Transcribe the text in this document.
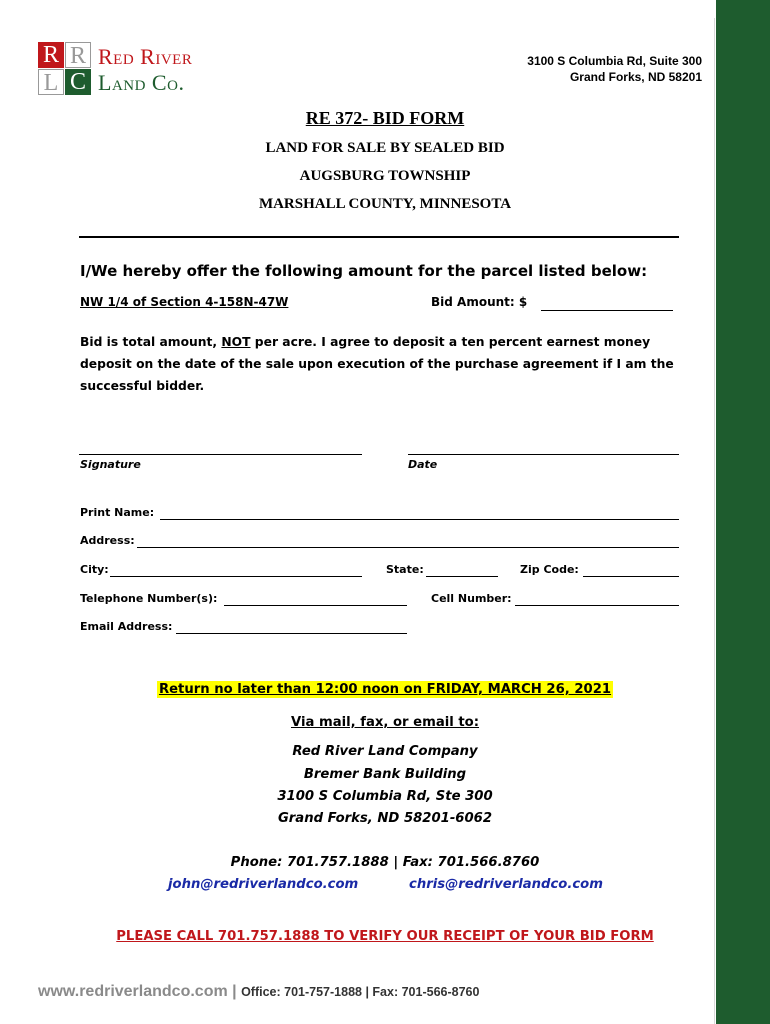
R R
L C
Red River
Land Co.
3100 S Columbia Rd, Suite 300
Grand Forks, ND 58201
RE 372- BID FORM
LAND FOR SALE BY SEALED BID
AUGSBURG TOWNSHIP
MARSHALL COUNTY, MINNESOTA
I/We hereby offer the following amount for the parcel listed below:
NW 1/4 of Section 4-158N-47W	Bid Amount: $
Bid is total amount, NOT per acre. I agree to deposit a ten percent earnest money deposit on the date of the sale upon execution of the purchase agreement if I am the successful bidder.
Signature	Date
Print Name:
Address:
City:	State:	Zip Code:
Telephone Number(s):	Cell Number:
Email Address:
Return no later than 12:00 noon on FRIDAY, MARCH 26, 2021
Via mail, fax, or email to:
Red River Land Company
Bremer Bank Building
3100 S Columbia Rd, Ste 300
Grand Forks, ND 58201-6062
Phone: 701.757.1888 | Fax: 701.566.8760
john@redriverlandco.com	chris@redriverlandco.com
PLEASE CALL 701.757.1888 TO VERIFY OUR RECEIPT OF YOUR BID FORM
www.redriverlandco.com | Office: 701-757-1888 | Fax: 701-566-8760
